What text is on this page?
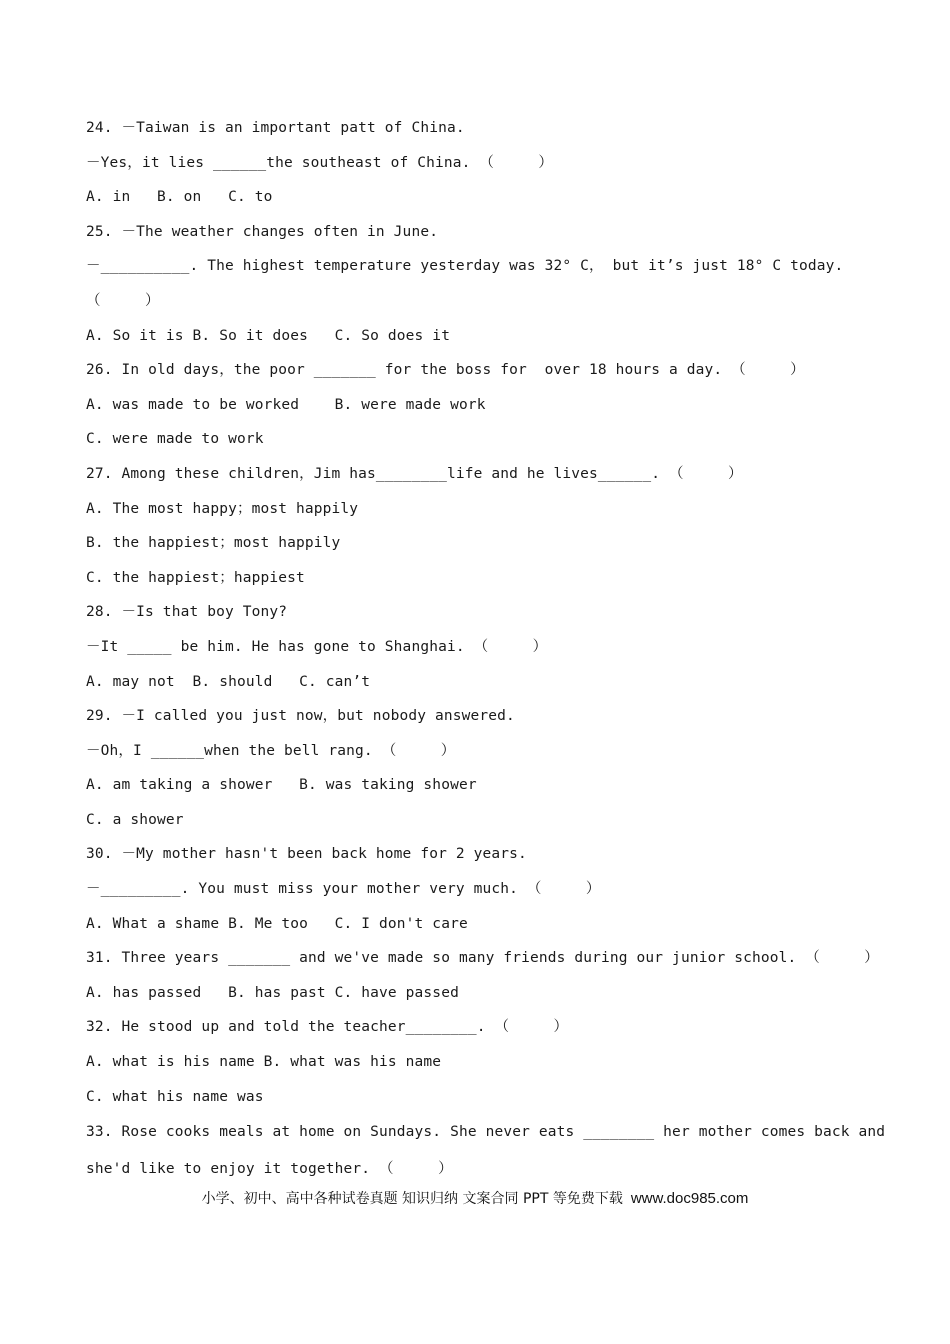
24. －Taiwan is an important patt of China.
－Yes，it lies ______the southeast of China. （     ）
A. in   B. on   C. to
25. －The weather changes often in June.
－__________. The highest temperature yesterday was 32° C， but it’s just 18° C today.
（     ）
A. So it is B. So it does   C. So does it
26. In old days，the poor _______ for the boss for  over 18 hours a day. （     ）
A. was made to be worked    B. were made work
C. were made to work
27. Among these children，Jim has________life and he lives______. （     ）
A. The most happy；most happily
B. the happiest；most happily
C. the happiest；happiest
28. －Is that boy Tony?
－It _____ be him. He has gone to Shanghai. （     ）
A. may not  B. should   C. can’t
29. －I called you just now，but nobody answered.
－Oh，I ______when the bell rang. （     ）
A. am taking a shower   B. was taking shower
C. a shower
30. －My mother hasn't been back home for 2 years.
－_________. You must miss your mother very much. （     ）
A. What a shame B. Me too   C. I don't care
31. Three years _______ and we've made so many friends during our junior school. （     ）
A. has passed   B. has past C. have passed
32. He stood up and told the teacher________. （     ）
A. what is his name B. what was his name
C. what his name was
33. Rose cooks meals at home on Sundays. She never eats ________ her mother comes back and
she'd like to enjoy it together. （     ）
小学、初中、高中各种试卷真题 知识归纳 文案合同 PPT 等免费下载 www.doc985.com
